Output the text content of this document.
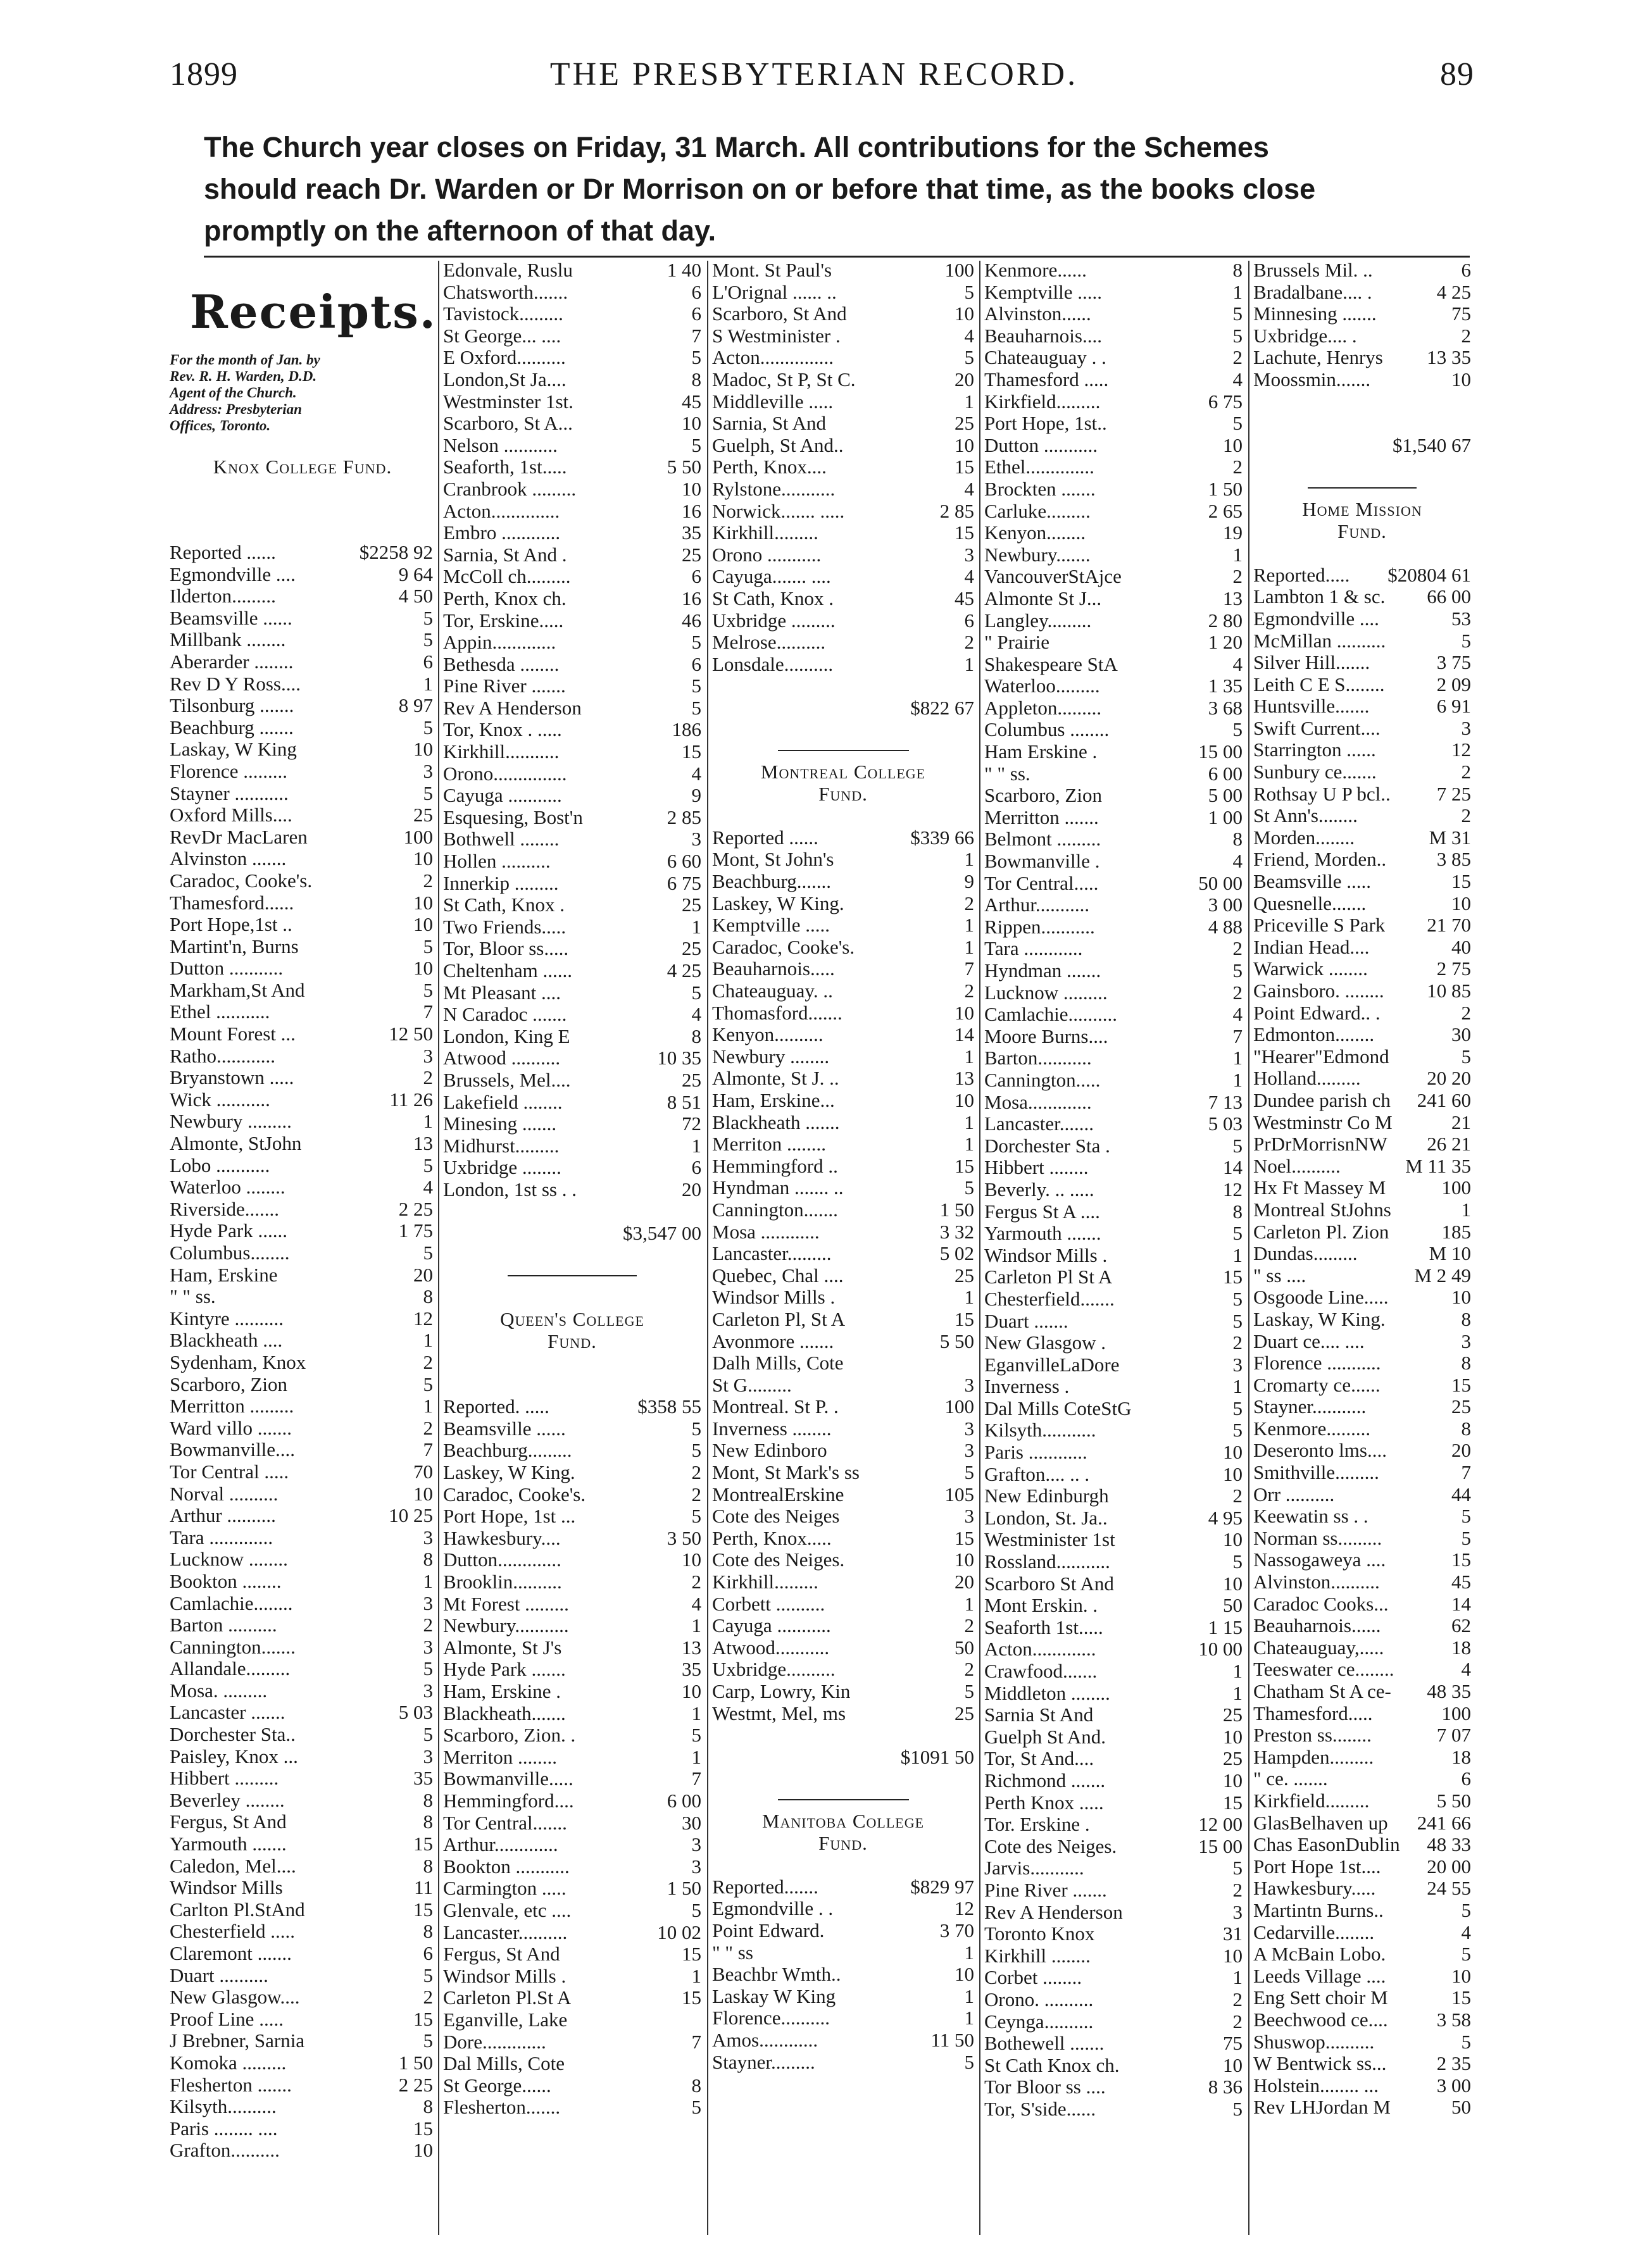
1899	THE PRESBYTERIAN RECORD.	89
The Church year closes on Friday, 31 March. All contributions for the Schemes
should reach Dr. Warden or Dr Morrison on or before that time, as the books close
promptly on the afternoon of that day.
Receipts.
For the month of Jan. by
Rev. R. H. Warden, D.D.
Agent of the Church.
Address: Presbyterian
Offices, Toronto.
Knox College Fund.
Reported ......	$2258 92
Egmondville ....	9 64
Ilderton.........	4 50
Beamsville ......	5
Millbank ........	5
Aberarder ........	6
Rev D Y Ross....	1
Tilsonburg .......	8 97
Beachburg .......	5
Laskay, W King	10
Florence .........	3
Stayner ...........	5
Oxford Mills....	25
RevDr MacLaren	100
Alvinston .......	10
Caradoc, Cooke's.	2
Thamesford......	10
Port Hope,1st ..	10
Martint'n, Burns	5
Dutton ...........	10
Markham,St And	5
Ethel ...........	7
Mount Forest ...	12 50
Ratho............	3
Bryanstown .....	2
Wick ...........	11 26
Newbury .........	1
Almonte, StJohn	13
Lobo ...........	5
Waterloo ........	4
Riverside.......	2 25
Hyde Park ......	1 75
Columbus........	5
Ham, Erskine	20
" " ss.	8
Kintyre ..........	12
Blackheath ....	1
Sydenham, Knox	2
Scarboro, Zion	5
Merritton .........	1
Ward villo .......	2
Bowmanville....	7
Tor Central .....	70
Norval ..........	10
Arthur ..........	10 25
Tara .............	3
Lucknow ........	8
Bookton ........	1
Camlachie........	3
Barton ..........	2
Cannington.......	3
Allandale.........	5
Mosa. .........	3
Lancaster .......	5 03
Dorchester Sta..	5
Paisley, Knox ...	3
Hibbert .........	35
Beverley ........	8
Fergus, St And	8
Yarmouth .......	15
Caledon, Mel....	8
Windsor Mills	11
Carlton Pl.StAnd	15
Chesterfield .....	8
Claremont .......	6
Duart ..........	5
New Glasgow....	2
Proof Line .....	15
J Brebner, Sarnia	5
Komoka .........	1 50
Flesherton .......	2 25
Kilsyth..........	8
Paris ........ ....	15
Grafton..........	10
Edonvale, Ruslu	1 40
Chatsworth.......	6
Tavistock.........	6
St George... ....	7
E Oxford..........	5
London,St Ja....	8
Westminster 1st.	45
Scarboro, St A...	10
Nelson ...........	5
Seaforth, 1st.....	5 50
Cranbrook .........	10
Acton..............	16
Embro ............	35
Sarnia, St And .	25
McColl ch.........	6
Perth, Knox ch.	16
Tor, Erskine.....	46
Appin.............	5
Bethesda ........	6
Pine River .......	5
Rev A Henderson	5
Tor, Knox . .....	186
Kirkhill...........	15
Orono...............	4
Cayuga ...........	9
Esquesing, Bost'n	2 85
Bothwell ........	3
Hollen ..........	6 60
Innerkip .........	6 75
St Cath, Knox .	25
Two Friends.....	1
Tor, Bloor ss.....	25
Cheltenham ......	4 25
Mt Pleasant ....	5
N Caradoc .......	4
London, King E	8
Atwood ..........	10 35
Brussels, Mel....	25
Lakefield ........	8 51
Minesing .......	72
Midhurst.........	1
Uxbridge ........	6
London, 1st ss . .	20
$3,547 00
Queen's College
Fund.
Reported. .....	$358 55
Beamsville ......	5
Beachburg.........	5
Laskey, W King.	2
Caradoc, Cooke's.	2
Port Hope, 1st ...	5
Hawkesbury....	3 50
Dutton.............	10
Brooklin..........	2
Mt Forest .........	4
Newbury...........	1
Almonte, St J's	13
Hyde Park .......	35
Ham, Erskine .	10
Blackheath.......	1
Scarboro, Zion. .	5
Merriton ........	1
Bowmanville.....	7
Hemmingford....	6 00
Tor Central.......	30
Arthur.............	3
Bookton ...........	3
Carmington .....	1 50
Glenvale, etc ....	5
Lancaster..........	10 02
Fergus, St And	15
Windsor Mills .	1
Carleton Pl.St A	15
Eganville, Lake
Dore.............	7
Dal Mills, Cote
St George......	8
Flesherton.......	5
Mont. St Paul's	100
L'Orignal ...... ..	5
Scarboro, St And	10
S Westminister .	4
Acton...............	5
Madoc, St P, St C.	20
Middleville .....	1
Sarnia, St And	25
Guelph, St And..	10
Perth, Knox....	15
Rylstone...........	4
Norwick....... .....	2 85
Kirkhill.........	15
Orono ...........	3
Cayuga....... ....	4
St Cath, Knox .	45
Uxbridge .........	6
Melrose..........	2
Lonsdale..........	1
$822 67
Montreal College
Fund.
Reported ......	$339 66
Mont, St John's	1
Beachburg.......	9
Laskey, W King.	2
Kemptville .....	1
Caradoc, Cooke's.	1
Beauharnois.....	7
Chateauguay. ..	2
Thomasford.......	10
Kenyon..........	14
Newbury ........	1
Almonte, St J. ..	13
Ham, Erskine...	10
Blackheath .......	1
Merriton ........	1
Hemmingford ..	15
Hyndman ....... ..	5
Cannington.......	1 50
Mosa ............	3 32
Lancaster.........	5 02
Quebec, Chal ....	25
Windsor Mills .	1
Carleton Pl, St A	15
Avonmore .......	5 50
Dalh Mills, Cote
St G.........	3
Montreal. St P. .	100
Inverness ........	3
New Edinboro	3
Mont, St Mark's ss	5
MontrealErskine	105
Cote des Neiges	3
Perth, Knox.....	15
Cote des Neiges.	10
Kirkhill.........	20
Corbett ..........	1
Cayuga ...........	2
Atwood...........	50
Uxbridge..........	2
Carp, Lowry, Kin	5
Westmt, Mel, ms	25
$1091 50
Manitoba College
Fund.
Reported.......	$829 97
Egmondville . .	12
Point Edward.	3 70
" " ss	1
Beachbr Wmth..	10
Laskay W King	1
Florence..........	1
Amos............	11 50
Stayner.........	5
Kenmore......	8
Kemptville .....	1
Alvinston......	5
Beauharnois....	5
Chateauguay . .	2
Thamesford .....	4
Kirkfield.........	6 75
Port Hope, 1st..	5
Dutton ...........	10
Ethel..............	2
Brockten .......	1 50
Carluke.........	2 65
Kenyon........	19
Newbury.......	1
VancouverStAjce	2
Almonte St J...	13
Langley.........	2 80
" Prairie	1 20
Shakespeare StA	4
Waterloo.........	1 35
Appleton.........	3 68
Columbus ........	5
Ham Erskine .	15 00
" " ss.	6 00
Scarboro, Zion	5 00
Merritton .......	1 00
Belmont .........	8
Bowmanville .	4
Tor Central.....	50 00
Arthur...........	3 00
Rippen...........	4 88
Tara ............	2
Hyndman .......	5
Lucknow .........	2
Camlachie..........	4
Moore Burns....	7
Barton...........	1
Cannington.....	1
Mosa.............	7 13
Lancaster.......	5 03
Dorchester Sta .	5
Hibbert ........	14
Beverly. .. .....	12
Fergus St A ....	8
Yarmouth .......	5
Windsor Mills .	1
Carleton Pl St A	15
Chesterfield.......	5
Duart .......	5
New Glasgow .	2
EganvilleLaDore	3
Inverness .	1
Dal Mills CoteStG	5
Kilsyth...........	5
Paris ............	10
Grafton.... .. .	10
New Edinburgh	2
London, St. Ja..	4 95
Westminister 1st	10
Rossland...........	5
Scarboro St And	10
Mont Erskin. .	50
Seaforth 1st.....	1 15
Acton.............	10 00
Crawfood.......	1
Middleton ........	1
Sarnia St And	25
Guelph St And.	10
Tor, St And....	25
Richmond .......	10
Perth Knox .....	15
Tor. Erskine .	12 00
Cote des Neiges.	15 00
Jarvis...........	5
Pine River .......	2
Rev A Henderson	3
Toronto Knox	31
Kirkhill ........	10
Corbet ........	1
Orono. ..........	2
Ceynga..........	2
Bothewell .......	75
St Cath Knox ch.	10
Tor Bloor ss ....	8 36
Tor, S'side......	5
Brussels Mil. ..	6
Bradalbane.... .	4 25
Minnesing .......	75
Uxbridge.... .	2
Lachute, Henrys 13 35
Moossmin.......	10
$1,540 67
Home Mission
Fund.
Reported..... $20804 61
Lambton 1 & sc. 66 00
Egmondville ....	53
McMillan ..........	5
Silver Hill.......	3 75
Leith C E S........	2 09
Huntsville.......	6 91
Swift Current....	3
Starrington ......	12
Sunbury ce.......	2
Rothsay U P bcl.. 7 25
St Ann's........	2
Morden........	M 31
Friend, Morden..	3 85
Beamsville .....	15
Quesnelle.......	10
Priceville S Park 21 70
Indian Head....	40
Warwick ........	2 75
Gainsboro. ........ 10 85
Point Edward.. .	2
Edmonton........	30
"Hearer"Edmond	5
Holland.........	20 20
Dundee parish ch 241 60
Westminstr Co M	21
PrDrMorrisnNW 26 21
Noel..........	M 11 35
Hx Ft Massey M	100
Montreal StJohns	1
Carleton Pl. Zion	185
Dundas.........	M 10
" ss ....	M 2 49
Osgoode Line.....	10
Laskay, W King.	8
Duart ce.... ....	3
Florence ...........	8
Cromarty ce......	15
Stayner...........	25
Kenmore.........	8
Deseronto lms....	20
Smithville.........	7
Orr ..........	44
Keewatin ss . .	5
Norman ss.........	5
Nassogaweya ....	15
Alvinston..........	45
Caradoc Cooks...	14
Beauharnois......	62
Chateauguay,.....	18
Teeswater ce........	4
Chatham St A ce- 48 35
Thamesford.....	100
Preston ss........	7 07
Hampden.........	18
" ce. .......	6
Kirkfield.........	5 50
GlasBelhaven up 241 66
Chas EasonDublin 48 33
Port Hope 1st.... 20 00
Hawkesbury.....	24 55
Martintn Burns..	5
Cedarville........	4
A McBain Lobo.	5
Leeds Village ....	10
Eng Sett choir M	15
Beechwood ce.... 3 58
Shuswop..........	5
W Bentwick ss...	2 35
Holstein........ ...	3 00
Rev LHJordan M	50
